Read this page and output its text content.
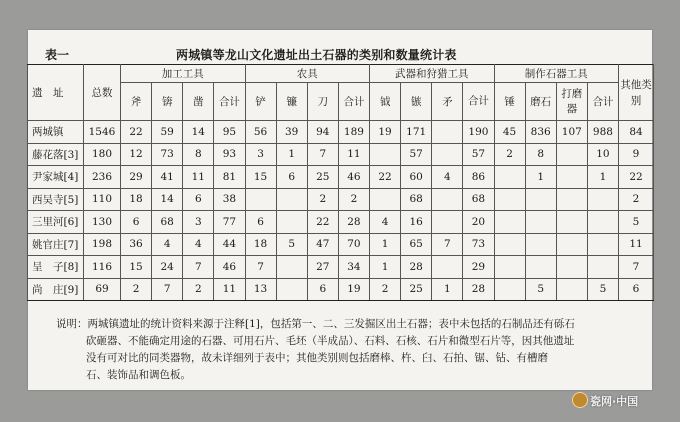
表一	两城镇等龙山文化遗址出土石器的类别和数量统计表
遗　址	总数	加工工具				农具				武器和狩猎工具				制作石器工具				其他类别
		斧	锛	凿	合计	铲	镰	刀	合计	钺	镞	矛	合计	锤	磨石	打磨器	合计	
两城镇	1546	22	59	14	95	56	39	94	189	19	171		190	45	836	107	988	84
藤花落[3]	180	12	73	8	93	3	1	7	11		57		57	2	8		10	9
尹家城[4]	236	29	41	11	81	15	6	25	46	22	60	4	86		1		1	22
西吴寺[5]	110	18	14	6	38			2	2		68		68					2
三里河[6]	130	6	68	3	77	6		22	28	4	16		20					5
姚官庄[7]	198	36	4	4	44	18	5	47	70	1	65	7	73					11
呈　子[8]	116	15	24	7	46	7		27	34	1	28		29					7
尚　庄[9]	69	2	7	2	11	13		6	19	2	25	1	28		5		5	6
说明：两城镇遗址的统计资料来源于注释[1]，包括第一、二、三发掘区出土石器；表中未包括的石制品还有砾石
砍砸器、不能确定用途的石器、可用石片、毛坯（半成品）、石料、石核、石片和微型石片等，因其他遗址
没有可对比的同类器物，故未详细列于表中；其他类别则包括磨棒、杵、臼、石拍、锯、钻、有槽磨
石、装饰品和调色板。
瓷网·中国
